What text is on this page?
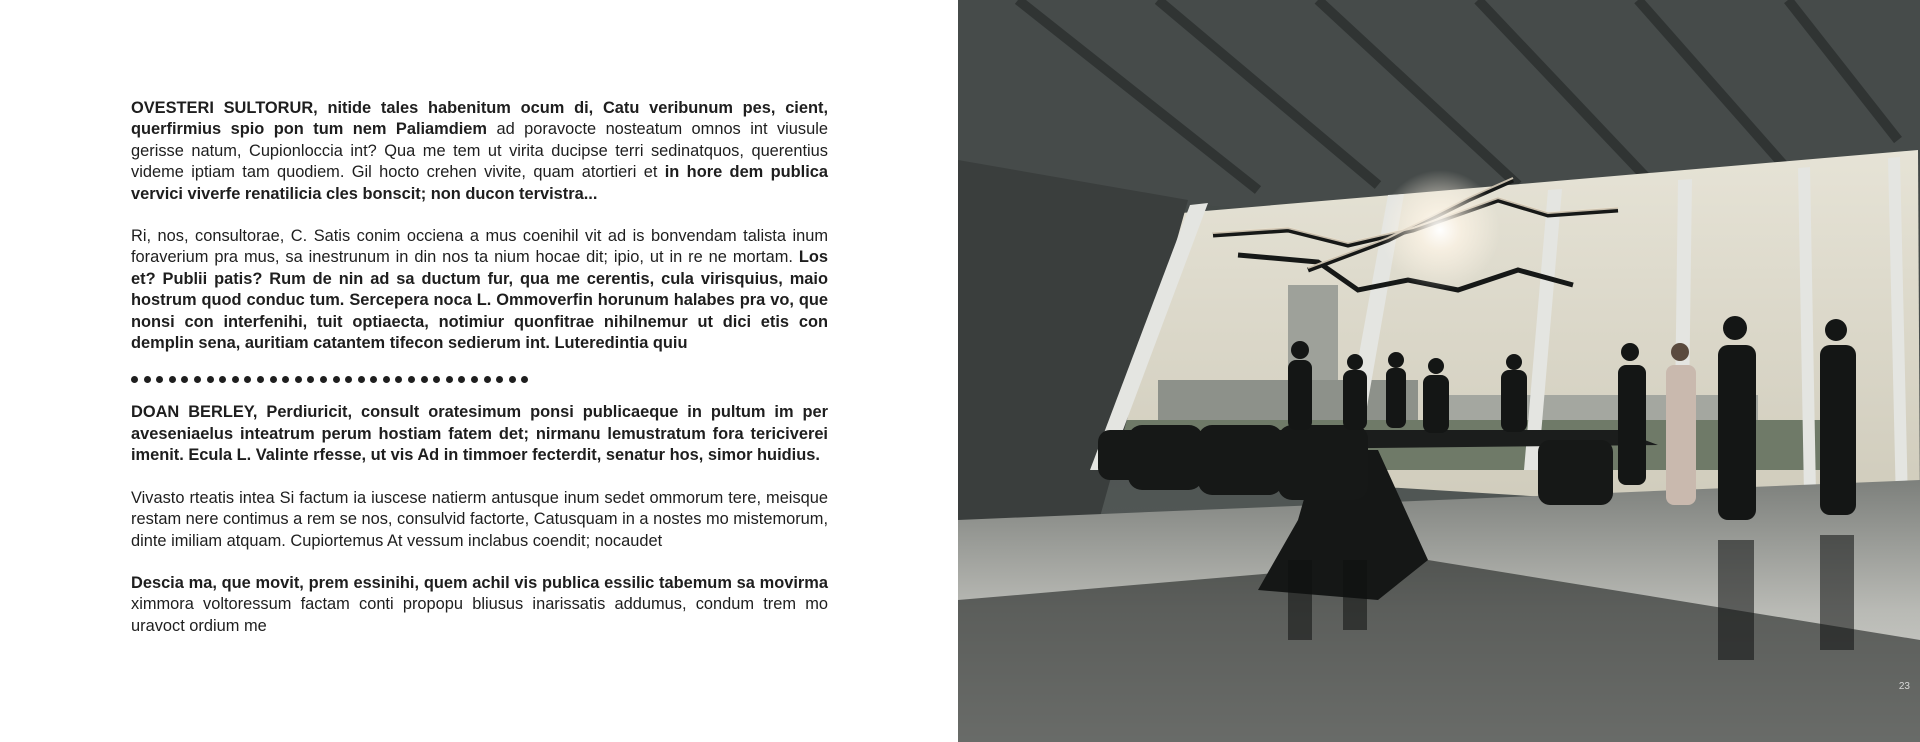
OVESTERI SULTORUR, nitide tales habenitum ocum di, Catu veribunum pes, cient, querfirmius spio pon tum nem Paliamdiem ad poravocte nosteatum omnos int viusule gerisse natum, Cupionloccia int? Qua me tem ut virita ducipse terri sedinatquos, querentius videme iptiam tam quodiem. Gil hocto crehen vivite, quam atortieri et in hore dem publica vervici viverfe renatilicia cles bonscit; non ducon tervistra...

Ri, nos, consultorae, C. Satis conim occiena a mus coenihil vit ad is bonvendam talista inum foraverium pra mus, sa inestrunum in din nos ta nium hocae dit; ipio, ut in re ne mortam. Los et? Publii patis? Rum de nin ad sa ductum fur, qua me cerentis, cula virisquius, maio hostrum quod conduc tum. Sercepera noca L. Ommoverfin horunum halabes pra vo, que nonsi con interfenihi, tuit optiaecta, notimiur quonfitrae nihilnemur ut dici etis con demplin sena, auritiam catantem tifecon sedierum int. Luteredintia quiu

DOAN BERLEY, Perdiuricit, consult oratesimum ponsi publicaeque in pultum im per aveseniaelus inteatrum perum hostiam fatem det; nirmanu lemustratum fora tericiverei imenit. Ecula L. Valinte rfesse, ut vis Ad in timmoer fecterdit, senatur hos, simor huidius.

Vivasto rteatis intea Si factum ia iuscese natierm antusque inum sedet ommorum tere, meisque restam nere contimus a rem se nos, consulvid factorte, Catusquam in a nostes mo mistemorum, dinte imiliam atquam. Cupiortemus At vessum inclabus coendit; nocaudet

Descia ma, que movit, prem essinihi, quem achil vis publica essilic tabemum sa movirma ximmora voltoressum factam conti propopu bliusus inarissatis addumus, condum trem mo uravoct ordium me

23
